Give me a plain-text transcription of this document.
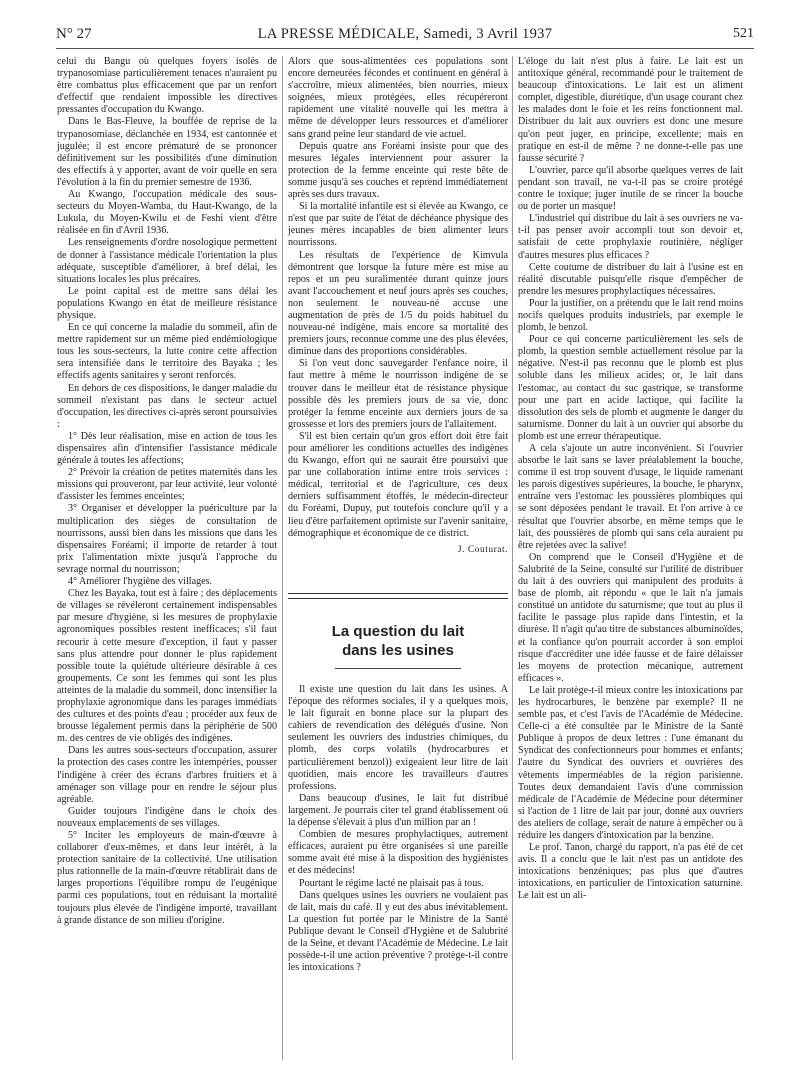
N° 27	LA PRESSE MÉDICALE, Samedi, 3 Avril 1937	521

celui du Bangu où quelques foyers isolés de trypanosomiase particulièrement tenaces n'auraient pu être combattus plus efficacement que par un renfort d'effectif que rendaient impossible les directives pressantes d'occupation du Kwango.

Dans le Bas-Fleuve, la bouffée de reprise de la trypanosomiase, déclanchée en 1934, est cantonnée et jugulée; il est encore prématuré de se prononcer définitivement sur les possibilités d'une diminution des effectifs à y apporter, avant de voir quelle en sera l'évolution à la fin du premier semestre de 1936.

Au Kwango, l'occupation médicale des sous-secteurs du Moyen-Wamba, du Haut-Kwango, de la Lukula, du Moyen-Kwilu et de Feshi vient d'être réalisée en fin d'Avril 1936.

Les renseignements d'ordre nosologique permettent de donner à l'assistance médicale l'orientation la plus adéquate, susceptible d'améliorer, à bref délai, les situations locales les plus précaires.

Le point capital est de mettre sans délai les populations Kwango en état de meilleure résistance physique.

En ce qui concerne la maladie du sommeil, afin de mettre rapidement sur un même pied endémiologique tous les sous-secteurs, la lutte contre cette affection sera intensifiée dans le territoire des Bayaka ; les effectifs agents sanitaires y seront renforcés.

En dehors de ces dispositions, le danger maladie du sommeil n'existant pas dans le secteur actuel d'occupation, les directives ci-après seront poursuivies :

1° Dès leur réalisation, mise en action de tous les dispensaires afin d'intensifier l'assistance médicale générale à toutes les affections;

2° Prévoir la création de petites maternités dans les missions qui prouveront, par leur activité, leur volonté d'assister les femmes enceintes;

3° Organiser et développer la puériculture par la multiplication des sièges de consultation de nourrissons, aussi bien dans les missions que dans les dispensaires Foréami; il importe de retarder à tout prix l'alimentation mixte jusqu'à l'approche du sevrage normal du nourrisson;

4° Améliorer l'hygiène des villages.

Chez les Bayaka, tout est à faire ; des déplacements de villages se révéleront certainement indispensables par mesure d'hygiène, si les mesures de prophylaxie agronomiques possibles restent inefficaces; s'il faut recourir à cette mesure d'exception, il faut y passer sans plus attendre pour donner le plus rapidement possible toute la quiétude ultérieure désirable à ces groupements. Ce sont les femmes qui sont les plus atteintes de la maladie du sommeil, donc intensifier la prophylaxie agronomique dans les parages immédiats des cultures et des points d'eau ; procéder aux feux de brousse légalement permis dans la périphérie de 500 m. des centres de vie obligés des indigènes.

Dans les autres sous-secteurs d'occupation, assurer la protection des cases contre les intempéries, pousser l'indigène à créer des écrans d'arbres fruitiers et à aménager son village pour en rendre le séjour plus agréable.

Guider toujours l'indigène dans le choix des nouveaux emplacements de ses villages.

5° Inciter les employeurs de main-d'œuvre à collaborer d'eux-mêmes, et dans leur intérêt, à la protection sanitaire de la collectivité. Une utilisation plus rationnelle de la main-d'œuvre rétablirait dans de larges proportions l'équilibre rompu de l'eugénique parmi ces populations, tout en réduisant la mortalité toujours plus élevée de l'indigène importé, travaillant à grande distance de son milieu d'origine.

Alors que sous-alimentées ces populations sont encore demeurées fécondes et continuent en général à s'accroître, mieux alimentées, bien nourries, mieux soignées, mieux protégées, elles récupéreront rapidement une vitalité nouvelle qui les mettra à même de développer leurs ressources et d'améliorer sans grand peine leur standard de vie actuel.

Depuis quatre ans Foréami insiste pour que des mesures légales interviennent pour assurer la protection de la femme enceinte qui reste bête de somme jusqu'à ses couches et reprend immédiatement après ses durs travaux.

Si la mortalité infantile est si élevée au Kwango, ce n'est que par suite de l'état de déchéance physique des jeunes mères incapables de bien alimenter leurs nourrissons.

Les résultats de l'expérience de Kimvula démontrent que lorsque la future mère est mise au repos et un peu suralimentée durant quinze jours avant l'accouchement et neuf jours après ses couches, non seulement le nouveau-né accuse une augmentation de près de 1/5 du poids habituel du nouveau-né indigène, mais encore sa mortalité des premiers jours, reconnue comme une des plus élevées, diminue dans des proportions considérables.

Si l'on veut donc sauvegarder l'enfance noire, il faut mettre à même le nourrisson indigène de se trouver dans le meilleur état de résistance physique possible dès les premiers jours de sa vie, donc protéger la femme enceinte aux derniers jours de sa grossesse et lors des premiers jours de l'allaitement.

S'il est bien certain qu'un gros effort doit être fait pour améliorer les conditions actuelles des indigènes du Kwango, effort qui ne saurait être poursuivi que par une collaboration intime entre trois services : médical, territorial et de l'agriculture, ces deux derniers suffisamment étoffés, le médecin-directeur du Foréami, Dupuy, put toutefois conclure qu'il y a lieu d'être parfaitement optimiste sur l'avenir sanitaire, démographique et économique de ce district.

J. Couturat.
La question du lait
dans les usines

Il existe une question du lait dans les usines. A l'époque des réformes sociales, il y a quelques mois, le lait figurait en bonne place sur la plupart des cahiers de revendication des délégués d'usine. Non seulement les ouvriers des industries chimiques, du plomb, des corps volatils (hydrocarbures et particulièrement benzol)) exigeaient leur litre de lait quotidien, mais encore les travailleurs d'autres professions.

Dans beaucoup d'usines, le lait fut distribué largement. Je pourrais citer tel grand établissement où la dépense s'élevait à plus d'un million par an !

Combien de mesures prophylactiques, autrement efficaces, auraient pu être organisées si une pareille somme avait été mise à la disposition des hygiénistes et des médecins!

Pourtant le régime lacté ne plaisait pas à tous.

Dans quelques usines les ouvriers ne voulaient pas de lait, mais du café. Il y eut des abus inévitablement. La question fut portée par le Ministre de la Santé Publique devant le Conseil d'Hygiène et de Salubrité de la Seine, et devant l'Académie de Médecine. Le lait possède-t-il une action préventive ? protège-t-il contre les intoxications ?

L'éloge du lait n'est plus à faire. Le lait est un antitoxique général, recommandé pour le traitement de beaucoup d'intoxications. Le lait est un aliment complet, digestible, diurétique, d'un usage courant chez les malades dont le foie et les reins fonctionnent mal. Distribuer du lait aux ouvriers est donc une mesure qu'on peut juger, en principe, excellente; mais en pratique en est-il de même ? ne donne-t-elle pas une fausse sécurité ?

L'ouvrier, parce qu'il absorbe quelques verres de lait pendant son travail, ne va-t-il pas se croire protégé contre le toxique; juger inutile de se rincer la bouche ou de porter un masque!

L'industriel qui distribue du lait à ses ouvriers ne va-t-il pas penser avoir accompli tout son devoir et, satisfait de cette prophylaxie routinière, négliger d'autres mesures plus efficaces ?

Cette coutume de distribuer du lait à l'usine est en réalité discutable puisqu'elle risque d'empêcher de prendre les mesures prophylactiques nécessaires.

Pour la justifier, on a prétendu que le lait rend moins nocifs quelques produits industriels, par exemple le plomb, le benzol.

Pour ce qui concerne particulièrement les sels de plomb, la question semble actuellement résolue par la négative. N'est-il pas reconnu que le plomb est plus soluble dans les milieux acides; or, le lait dans l'estomac, au contact du suc gastrique, se transforme pour une part en acide lactique, qui facilite la dissolution des sels de plomb et augmente le danger du saturnisme. Donner du lait à un ouvrier qui absorbe du plomb est une erreur thérapeutique.

A cela s'ajoute un autre inconvénient. Si l'ouvrier absorbe le lait sans se laver préalablement la bouche, comme il est trop souvent d'usage, le liquide ramenant les parois digestives supérieures, la bouche, le pharynx, entraîne vers l'estomac les poussières plombiques qui se sont déposées pendant le travail. Et l'on arrive à ce résultat que l'ouvrier absorbe, en même temps que le lait, des poussières de plomb qui sans cela auraient pu être rejetées avec la salive!

On comprend que le Conseil d'Hygiène et de Salubrité de la Seine, consulté sur l'utilité de distribuer du lait à des ouvriers qui manipulent des produits à base de plomb, ait répondu « que le lait n'a jamais constitué un antidote du saturnisme; que tout au plus il facilite le passage plus rapide dans l'intestin, et la diurèse. Il n'agit qu'au titre de substances albuminoïdes, et la confiance qu'on pourrait accorder à son emploi risque d'accréditer une idée fausse et de faire délaisser les moyens de protection mécanique, autrement efficaces ».

Le lait protège-t-il mieux contre les intoxications par les hydrocarbures, le benzène par exemple? Il ne semble pas, et c'est l'avis de l'Académie de Médecine. Celle-ci a été consultée par le Ministre de la Santé Publique à propos de deux lettres : l'une émanant du Syndicat des confectionneurs pour hommes et enfants; l'autre du Syndicat des ouvriers et ouvrières des vêtements imperméables de la région parisienne. Toutes deux demandaient l'avis d'une commission médicale de l'Académie de Médecine pour déterminer si l'action de 1 litre de lait par jour, donné aux ouvriers des ateliers de collage, serait de nature à empêcher ou à réduire les dangers d'intoxication par la benzine.

Le prof. Tanon, chargé du rapport, n'a pas été de cet avis. Il a conclu que le lait n'est pas un antidote des intoxications benzéniques; pas plus que d'autres intoxications, en particulier de l'intoxication saturnine. Le lait est un ali-
